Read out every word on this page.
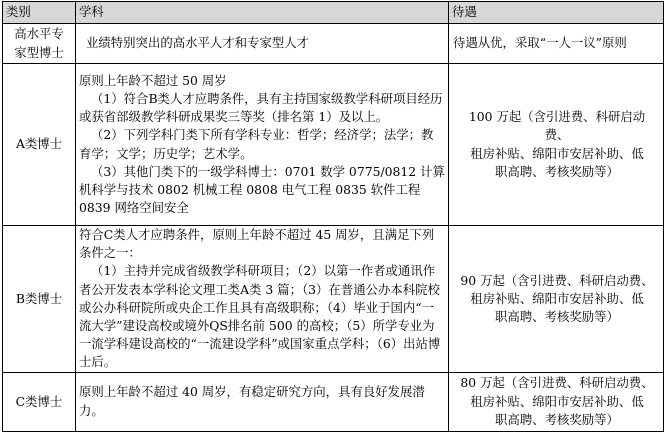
类别	学科	待遇

高水平专
家型博士	业绩特别突出的高水平人才和专家型人才	待遇从优，采取“一人一议”原则

A类博士	原则上年龄不超过 50 周岁
（1）符合B类人才应聘条件，具有主持国家级教学科研项目经历或获省部级教学科研成果奖三等奖（排名第 1）及以上。
（2）下列学科门类下所有学科专业：哲学；经济学；法学；教育学；文学；历史学；艺术学。
（3）其他门类下的一级学科博士：0701 数学 0775/0812 计算机科学与技术 0802 机械工程 0808 电气工程 0835 软件工程 0839 网络空间安全	100 万起（含引进费、科研启动费、
租房补贴、绵阳市安居补助、低
职高聘、考核奖励等）

B类博士	符合C类人才应聘条件，原则上年龄不超过 45 周岁，且满足下列条件之一：
（1）主持并完成省级教学科研项目；（2）以第一作者或通讯作者公开发表本学科论文理工类A类 3 篇；（3）在普通公办本科院校或公办科研院所或央企工作且具有高级职称；（4）毕业于国内“一流大学”建设高校或境外QS排名前 500 的高校；（5）所学专业为一流学科建设高校的“一流建设学科”或国家重点学科；（6）出站博士后。	90 万起（含引进费、科研启动费、
租房补贴、绵阳市安居补助、低
职高聘、考核奖励等）

C类博士	原则上年龄不超过 40 周岁，有稳定研究方向，具有良好发展潜力。	80 万起（含引进费、科研启动费、
租房补贴、绵阳市安居补助、低
职高聘、考核奖励等）
